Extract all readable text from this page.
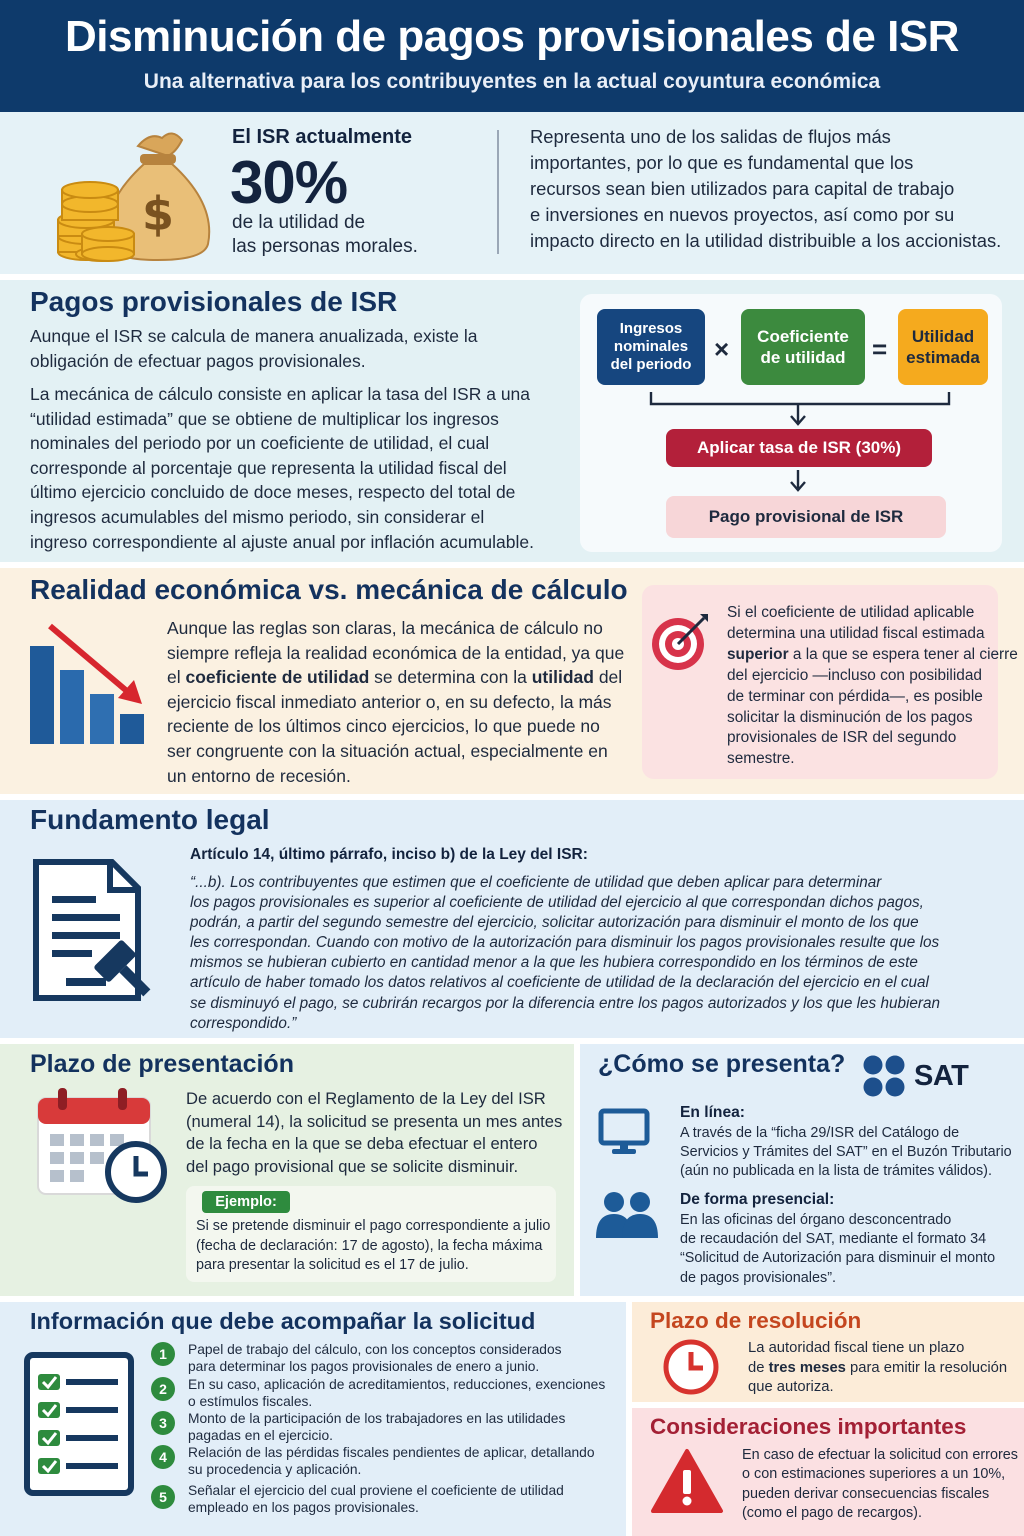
Disminución de pagos provisionales de ISR
Una alternativa para los contribuyentes en la actual coyuntura económica
$
El ISR actualmente
30%
de la utilidad de
las personas morales.
Representa uno de los salidas de flujos más
importantes, por lo que es fundamental que los
recursos sean bien utilizados para capital de trabajo
e inversiones en nuevos proyectos, así como por su
impacto directo en la utilidad distribuible a los accionistas.
Pagos provisionales de ISR
Aunque el ISR se calcula de manera anualizada, existe la
obligación de efectuar pagos provisionales.
La mecánica de cálculo consiste en aplicar la tasa del ISR a una
“utilidad estimada” que se obtiene de multiplicar los ingresos
nominales del periodo por un coeficiente de utilidad, el cual
corresponde al porcentaje que representa la utilidad fiscal del
último ejercicio concluido de doce meses, respecto del total de
ingresos acumulables del mismo periodo, sin considerar el
ingreso correspondiente al ajuste anual por inflación acumulable.
Ingresos
nominales
del periodo
× Coeficiente
de utilidad = Utilidad
estimada
Aplicar tasa de ISR (30%)
Pago provisional de ISR
Realidad económica vs. mecánica de cálculo
Aunque las reglas son claras, la mecánica de cálculo no
siempre refleja la realidad económica de la entidad, ya que
el coeficiente de utilidad se determina con la utilidad del
ejercicio fiscal inmediato anterior o, en su defecto, la más
reciente de los últimos cinco ejercicios, lo que puede no
ser congruente con la situación actual, especialmente en
un entorno de recesión.
Si el coeficiente de utilidad aplicable
determina una utilidad fiscal estimada
superior a la que se espera tener al cierre
del ejercicio —incluso con posibilidad
de terminar con pérdida—, es posible
solicitar la disminución de los pagos
provisionales de ISR del segundo
semestre.
Fundamento legal
Artículo 14, último párrafo, inciso b) de la Ley del ISR:
“...b). Los contribuyentes que estimen que el coeficiente de utilidad que deben aplicar para determinar
los pagos provisionales es superior al coeficiente de utilidad del ejercicio al que correspondan dichos pagos,
podrán, a partir del segundo semestre del ejercicio, solicitar autorización para disminuir el monto de los que
les correspondan. Cuando con motivo de la autorización para disminuir los pagos provisionales resulte que los
mismos se hubieran cubierto en cantidad menor a la que les hubiera correspondido en los términos de este
artículo de haber tomado los datos relativos al coeficiente de utilidad de la declaración del ejercicio en el cual
se disminuyó el pago, se cubrirán recargos por la diferencia entre los pagos autorizados y los que les hubieran
correspondido.”
Plazo de presentación
De acuerdo con el Reglamento de la Ley del ISR
(numeral 14), la solicitud se presenta un mes antes
de la fecha en la que se deba efectuar el entero
del pago provisional que se solicite disminuir.
Ejemplo:
Si se pretende disminuir el pago correspondiente a julio
(fecha de declaración: 17 de agosto), la fecha máxima
para presentar la solicitud es el 17 de julio.
¿Cómo se presenta? SAT
En línea:
A través de la “ficha 29/ISR del Catálogo de
Servicios y Trámites del SAT” en el Buzón Tributario
(aún no publicada en la lista de trámites válidos).
De forma presencial:
En las oficinas del órgano desconcentrado
de recaudación del SAT, mediante el formato 34
“Solicitud de Autorización para disminuir el monto
de pagos provisionales”.
Información que debe acompañar la solicitud
1	Papel de trabajo del cálculo, con los conceptos considerados
para determinar los pagos provisionales de enero a junio.
2	En su caso, aplicación de acreditamientos, reducciones, exenciones
o estímulos fiscales.
3	Monto de la participación de los trabajadores en las utilidades
pagadas en el ejercicio.
4	Relación de las pérdidas fiscales pendientes de aplicar, detallando
su procedencia y aplicación.
5	Señalar el ejercicio del cual proviene el coeficiente de utilidad
empleado en los pagos provisionales.
Plazo de resolución
La autoridad fiscal tiene un plazo
de tres meses para emitir la resolución
que autoriza.
Consideraciones importantes
En caso de efectuar la solicitud con errores
o con estimaciones superiores a un 10%,
pueden derivar consecuencias fiscales
(como el pago de recargos).
